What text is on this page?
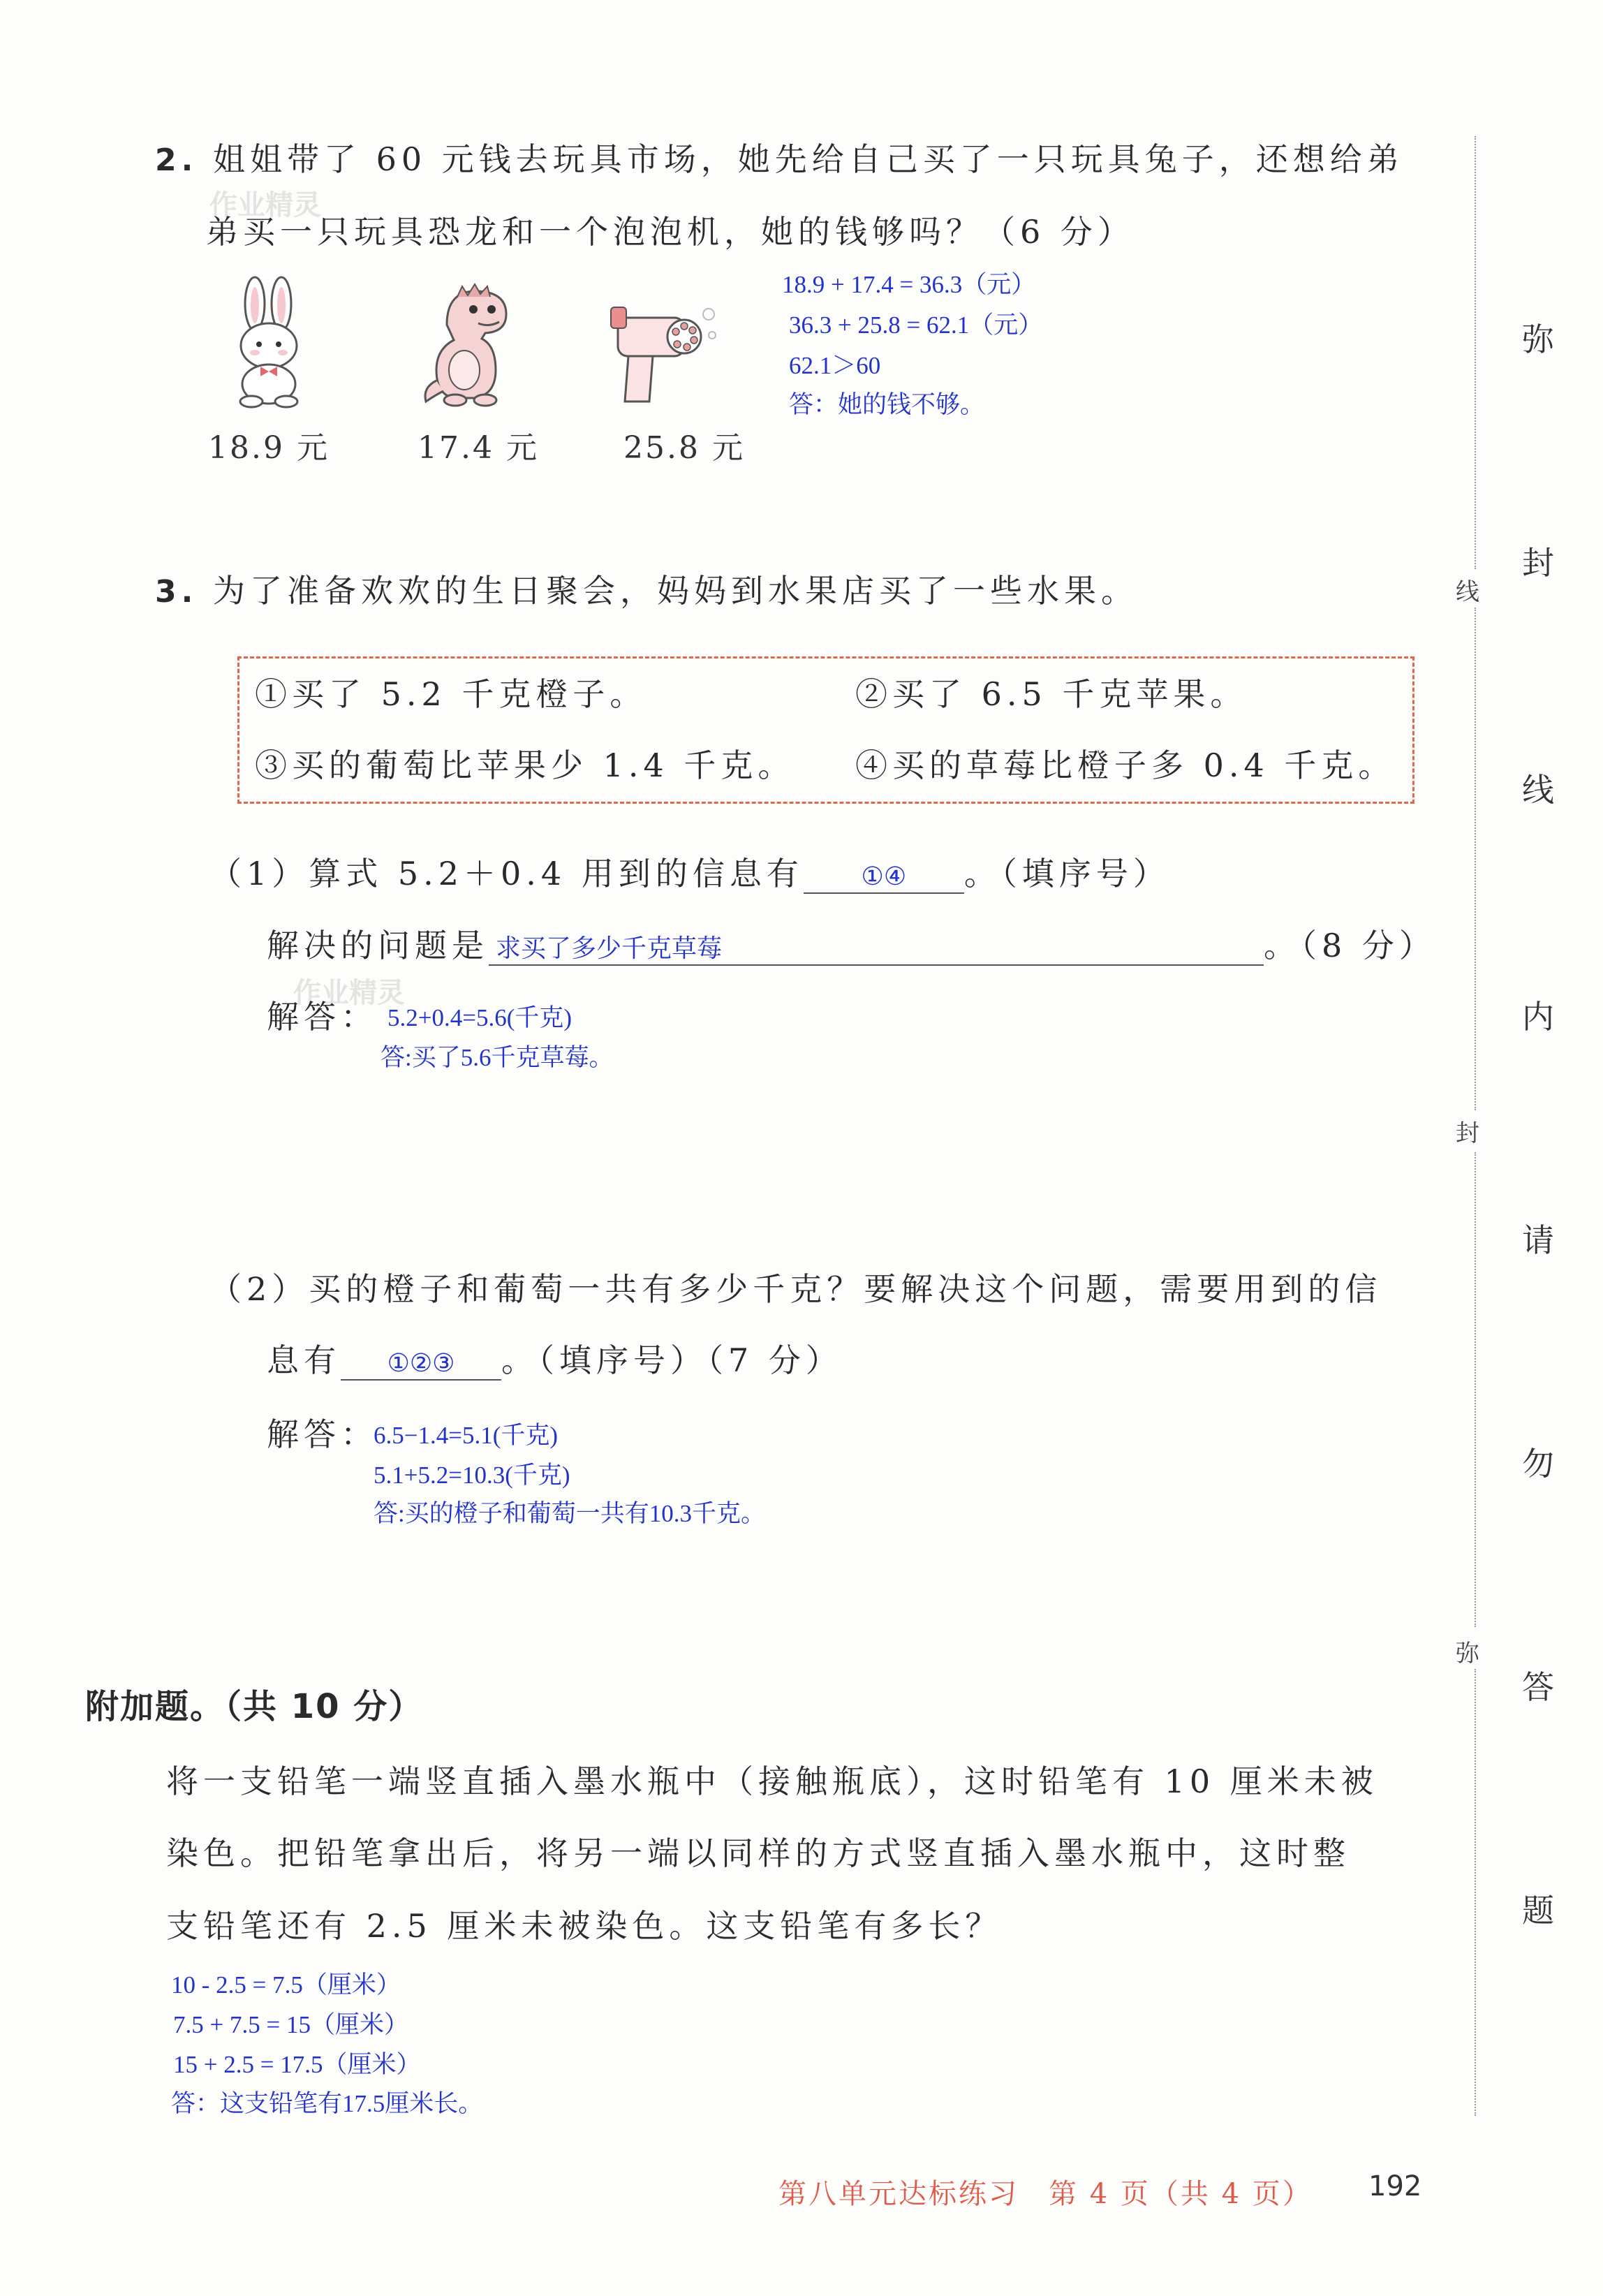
作业精灵
作业精灵
2. 姐姐带了 60 元钱去玩具市场，她先给自己买了一只玩具兔子，还想给弟
弟买一只玩具恐龙和一个泡泡机，她的钱够吗？（6 分）
18.9 元	17.4 元	25.8 元
18.9 + 17.4 = 36.3（元）
36.3 + 25.8 = 62.1（元）
62.1＞60
答：她的钱不够。
3. 为了准备欢欢的生日聚会，妈妈到水果店买了一些水果。
①买了 5.2 千克橙子。	②买了 6.5 千克苹果。
③买的葡萄比苹果少 1.4 千克。 ④买的草莓比橙子多 0.4 千克。
（1）算式 5.2＋0.4 用到的信息有 ①④ 。（填序号）
解决的问题是 求买了多少千克草莓	。（8 分）
解答： 5.2+0.4=5.6(千克)
答:买了5.6千克草莓。
（2）买的橙子和葡萄一共有多少千克？要解决这个问题，需要用到的信
息有 ①②③ 。（填序号）（7 分）
解答：
6.5−1.4=5.1(千克)
5.1+5.2=10.3(千克)
答:买的橙子和葡萄一共有10.3千克。
附加题。（共 10 分）
将一支铅笔一端竖直插入墨水瓶中（接触瓶底），这时铅笔有 10 厘米未被
染色。把铅笔拿出后，将另一端以同样的方式竖直插入墨水瓶中，这时整
支铅笔还有 2.5 厘米未被染色。这支铅笔有多长？
10 - 2.5 = 7.5（厘米）
7.5 + 7.5 = 15（厘米）
15 + 2.5 = 17.5（厘米）
答：这支铅笔有17.5厘米长。
线
封
弥
弥
封
线
内
请
勿
答
题
第八单元达标练习　第 4 页（共 4 页） 192
